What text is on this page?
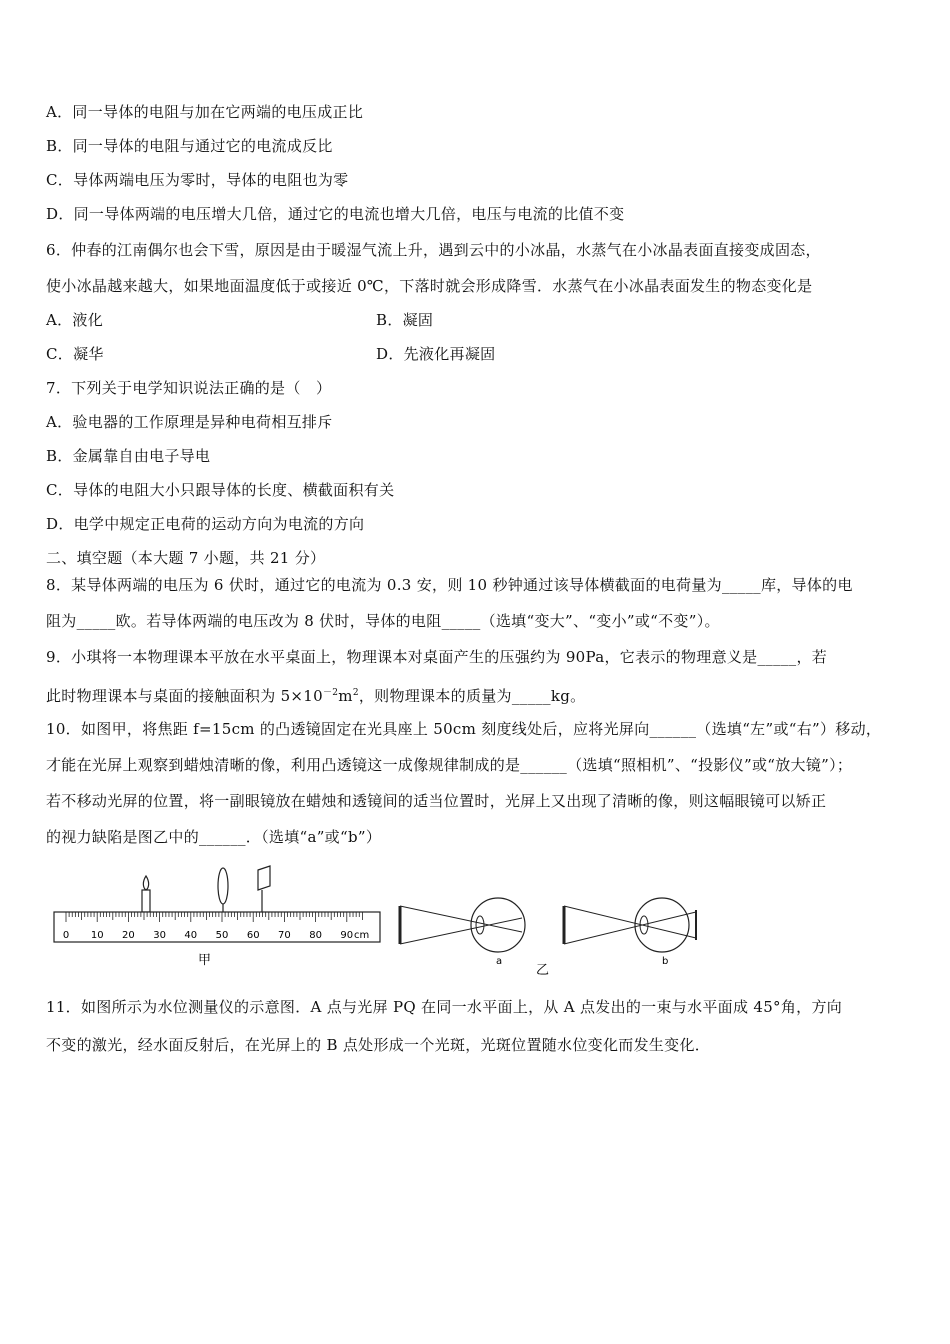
A．同一导体的电阻与加在它两端的电压成正比
B．同一导体的电阻与通过它的电流成反比
C．导体两端电压为零时，导体的电阻也为零
D．同一导体两端的电压增大几倍，通过它的电流也增大几倍，电压与电流的比值不变
6．仲春的江南偶尔也会下雪，原因是由于暖湿气流上升，遇到云中的小冰晶，水蒸气在小冰晶表面直接变成固态，
使小冰晶越来越大，如果地面温度低于或接近 0℃，下落时就会形成降雪．水蒸气在小冰晶表面发生的物态变化是
A．液化	B．凝固
C．凝华	D．先液化再凝固
7．下列关于电学知识说法正确的是（　）
A．验电器的工作原理是异种电荷相互排斥
B．金属靠自由电子导电
C．导体的电阻大小只跟导体的长度、横截面积有关
D．电学中规定正电荷的运动方向为电流的方向
二、填空题（本大题 7 小题，共 21 分）
8．某导体两端的电压为 6 伏时，通过它的电流为 0.3 安，则 10 秒钟通过该导体横截面的电荷量为_____库，导体的电
阻为_____欧。若导体两端的电压改为 8 伏时，导体的电阻_____（选填“变大”、“变小”或“不变”）。
9．小琪将一本物理课本平放在水平桌面上，物理课本对桌面产生的压强约为 90Pa，它表示的物理意义是_____，若
此时物理课本与桌面的接触面积为 $5\times 10^{-2}m^2$，则物理课本的质量为_____kg。
10．如图甲，将焦距 f=15cm 的凸透镜固定在光具座上 50cm 刻度线处后，应将光屏向______（选填“左”或“右”）移动，
才能在光屏上观察到蜡烛清晰的像，利用凸透镜这一成像规律制成的是______（选填“照相机”、“投影仪”或“放大镜”）；
若不移动光屏的位置，将一副眼镜放在蜡烛和透镜间的适当位置时，光屏上又出现了清晰的像，则这幅眼镜可以矫正
的视力缺陷是图乙中的______．（选填“a”或“b”）
0 10 20 30 40 50 60 70 80 90 cm
甲	a
乙
b
11．如图所示为水位测量仪的示意图．A 点与光屏 PQ 在同一水平面上，从 A 点发出的一束与水平面成 45°角，方向
不变的激光，经水面反射后，在光屏上的 B 点处形成一个光斑，光斑位置随水位变化而发生变化．
